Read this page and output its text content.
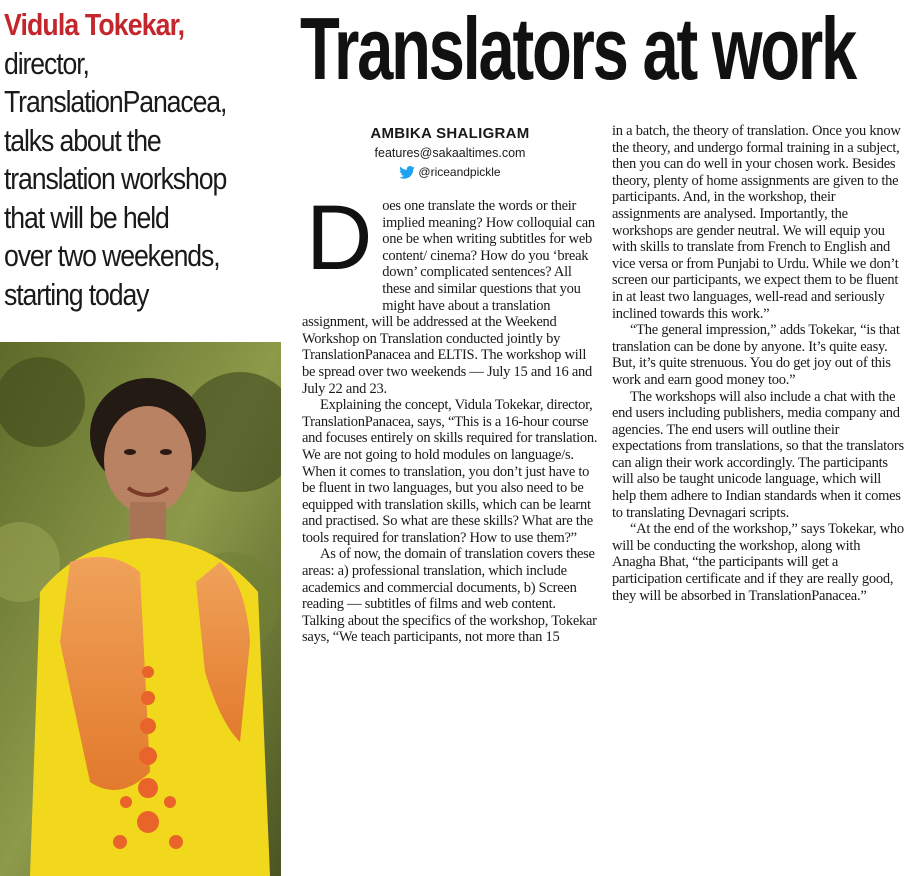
Vidula Tokekar,
director,
TranslationPanacea,
talks about the
translation workshop
that will be held
over two weekends,
starting today
Translators at work
AMBIKA SHALIGRAM
features@sakaaltimes.com
@riceandpickle

Does one translate the words or their implied meaning? How colloquial can one be when writing subtitles for web content/ cinema? How do you ‘break down’ complicated sentences? All these and similar questions that you might have about a translation assignment, will be addressed at the Weekend Workshop on Translation conducted jointly by TranslationPanacea and ELTIS. The workshop will be spread over two weekends — July 15 and 16 and July 22 and 23.

Explaining the concept, Vidula Tokekar, director, TranslationPanacea, says, “This is a 16-hour course and focuses entirely on skills required for translation. We are not going to hold modules on language/s. When it comes to translation, you don’t just have to be fluent in two languages, but you also need to be equipped with translation skills, which can be learnt and practised. So what are these skills? What are the tools required for translation? How to use them?”

As of now, the domain of translation covers these areas: a) professional translation, which include academics and commercial documents, b) Screen reading — subtitles of films and web content. Talking about the specifics of the workshop, Tokekar says, “We teach participants, not more than 15

in a batch, the theory of translation. Once you know the theory, and undergo formal training in a subject, then you can do well in your chosen work. Besides theory, plenty of home assignments are given to the participants. And, in the workshop, their assignments are analysed. Importantly, the workshops are gender neutral. We will equip you with skills to translate from French to English and vice versa or from Punjabi to Urdu. While we don’t screen our participants, we expect them to be fluent in at least two languages, well-read and seriously inclined towards this work.”

“The general impression,” adds Tokekar, “is that translation can be done by anyone. It’s quite easy. But, it’s quite strenuous. You do get joy out of this work and earn good money too.”

The workshops will also include a chat with the end users including publishers, media company and agencies. The end users will outline their expectations from translations, so that the translators can align their work accordingly. The participants will also be taught unicode language, which will help them adhere to Indian standards when it comes to translating Devnagari scripts.

“At the end of the workshop,” says Tokekar, who will be conducting the workshop, along with Anagha Bhat, “the participants will get a participation certificate and if they are really good, they will be absorbed in TranslationPanacea.”
